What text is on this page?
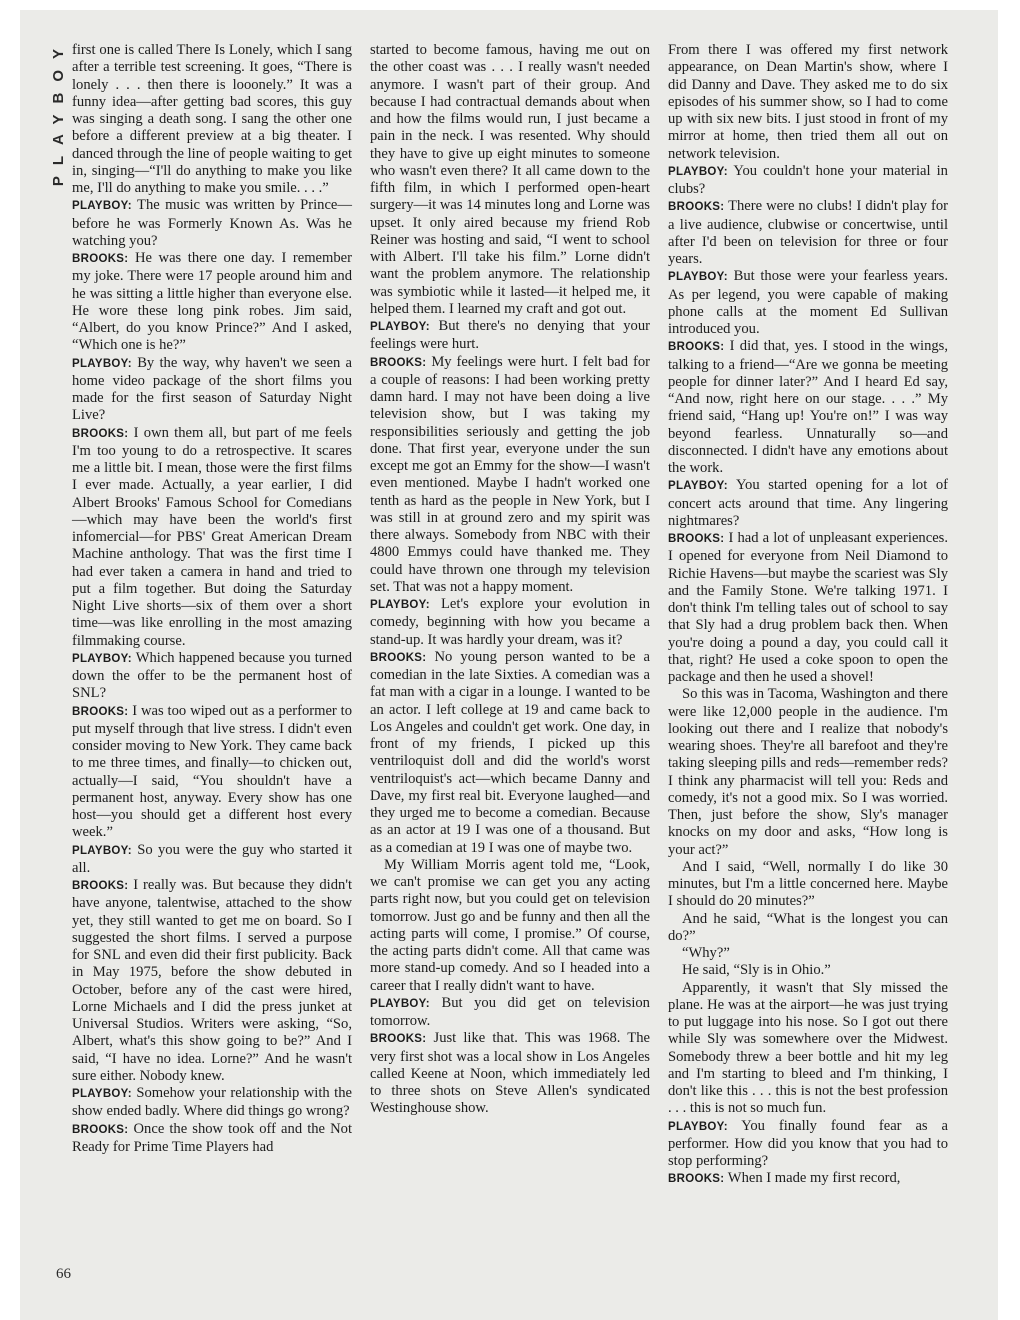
PLAYBOY
66

first one is called There Is Lonely, which I sang after a terrible test screening. It goes, “There is lonely . . . then there is looonely.” It was a funny idea—after getting bad scores, this guy was singing a death song. I sang the other one before a different preview at a big theater. I danced through the line of people waiting to get in, singing—“I'll do anything to make you like me, I'll do anything to make you smile. . . .”

PLAYBOY: The music was written by Prince—before he was Formerly Known As. Was he watching you?

BROOKS: He was there one day. I remember my joke. There were 17 people around him and he was sitting a little higher than everyone else. He wore these long pink robes. Jim said, “Albert, do you know Prince?” And I asked, “Which one is he?”

PLAYBOY: By the way, why haven't we seen a home video package of the short films you made for the first season of Saturday Night Live?

BROOKS: I own them all, but part of me feels I'm too young to do a retrospective. It scares me a little bit. I mean, those were the first films I ever made. Actually, a year earlier, I did Albert Brooks' Famous School for Comedians—which may have been the world's first infomercial—for PBS' Great American Dream Machine anthology. That was the first time I had ever taken a camera in hand and tried to put a film together. But doing the Saturday Night Live shorts—six of them over a short time—was like enrolling in the most amazing filmmaking course.

PLAYBOY: Which happened because you turned down the offer to be the permanent host of SNL?

BROOKS: I was too wiped out as a performer to put myself through that live stress. I didn't even consider moving to New York. They came back to me three times, and finally—to chicken out, actually—I said, “You shouldn't have a permanent host, anyway. Every show has one host—you should get a different host every week.”

PLAYBOY: So you were the guy who started it all.

BROOKS: I really was. But because they didn't have anyone, talentwise, attached to the show yet, they still wanted to get me on board. So I suggested the short films. I served a purpose for SNL and even did their first publicity. Back in May 1975, before the show debuted in October, before any of the cast were hired, Lorne Michaels and I did the press junket at Universal Studios. Writers were asking, “So, Albert, what's this show going to be?” And I said, “I have no idea. Lorne?” And he wasn't sure either. Nobody knew.

PLAYBOY: Somehow your relationship with the show ended badly. Where did things go wrong?

BROOKS: Once the show took off and the Not Ready for Prime Time Players had

started to become famous, having me out on the other coast was . . . I really wasn't needed anymore. I wasn't part of their group. And because I had contractual demands about when and how the films would run, I just became a pain in the neck. I was resented. Why should they have to give up eight minutes to someone who wasn't even there? It all came down to the fifth film, in which I performed open-heart surgery—it was 14 minutes long and Lorne was upset. It only aired because my friend Rob Reiner was hosting and said, “I went to school with Albert. I'll take his film.” Lorne didn't want the problem anymore. The relationship was symbiotic while it lasted—it helped me, it helped them. I learned my craft and got out.

PLAYBOY: But there's no denying that your feelings were hurt.

BROOKS: My feelings were hurt. I felt bad for a couple of reasons: I had been working pretty damn hard. I may not have been doing a live television show, but I was taking my responsibilities seriously and getting the job done. That first year, everyone under the sun except me got an Emmy for the show—I wasn't even mentioned. Maybe I hadn't worked one tenth as hard as the people in New York, but I was still in at ground zero and my spirit was there always. Somebody from NBC with their 4800 Emmys could have thanked me. They could have thrown one through my television set. That was not a happy moment.

PLAYBOY: Let's explore your evolution in comedy, beginning with how you became a stand-up. It was hardly your dream, was it?

BROOKS: No young person wanted to be a comedian in the late Sixties. A comedian was a fat man with a cigar in a lounge. I wanted to be an actor. I left college at 19 and came back to Los Angeles and couldn't get work. One day, in front of my friends, I picked up this ventriloquist doll and did the world's worst ventriloquist's act—which became Danny and Dave, my first real bit. Everyone laughed—and they urged me to become a comedian. Because as an actor at 19 I was one of a thousand. But as a comedian at 19 I was one of maybe two.

My William Morris agent told me, “Look, we can't promise we can get you any acting parts right now, but you could get on television tomorrow. Just go and be funny and then all the acting parts will come, I promise.” Of course, the acting parts didn't come. All that came was more stand-up comedy. And so I headed into a career that I really didn't want to have.

PLAYBOY: But you did get on television tomorrow.

BROOKS: Just like that. This was 1968. The very first shot was a local show in Los Angeles called Keene at Noon, which immediately led to three shots on Steve Allen's syndicated Westinghouse show.

From there I was offered my first network appearance, on Dean Martin's show, where I did Danny and Dave. They asked me to do six episodes of his summer show, so I had to come up with six new bits. I just stood in front of my mirror at home, then tried them all out on network television.

PLAYBOY: You couldn't hone your material in clubs?

BROOKS: There were no clubs! I didn't play for a live audience, clubwise or concertwise, until after I'd been on television for three or four years.

PLAYBOY: But those were your fearless years. As per legend, you were capable of making phone calls at the moment Ed Sullivan introduced you.

BROOKS: I did that, yes. I stood in the wings, talking to a friend—“Are we gonna be meeting people for dinner later?” And I heard Ed say, “And now, right here on our stage. . . .” My friend said, “Hang up! You're on!” I was way beyond fearless. Unnaturally so—and disconnected. I didn't have any emotions about the work.

PLAYBOY: You started opening for a lot of concert acts around that time. Any lingering nightmares?

BROOKS: I had a lot of unpleasant experiences. I opened for everyone from Neil Diamond to Richie Havens—but maybe the scariest was Sly and the Family Stone. We're talking 1971. I don't think I'm telling tales out of school to say that Sly had a drug problem back then. When you're doing a pound a day, you could call it that, right? He used a coke spoon to open the package and then he used a shovel!

So this was in Tacoma, Washington and there were like 12,000 people in the audience. I'm looking out there and I realize that nobody's wearing shoes. They're all barefoot and they're taking sleeping pills and reds—remember reds? I think any pharmacist will tell you: Reds and comedy, it's not a good mix. So I was worried. Then, just before the show, Sly's manager knocks on my door and asks, “How long is your act?”

And I said, “Well, normally I do like 30 minutes, but I'm a little concerned here. Maybe I should do 20 minutes?”

And he said, “What is the longest you can do?”

“Why?”

He said, “Sly is in Ohio.”

Apparently, it wasn't that Sly missed the plane. He was at the airport—he was just trying to put luggage into his nose. So I got out there while Sly was somewhere over the Midwest. Somebody threw a beer bottle and hit my leg and I'm starting to bleed and I'm thinking, I don't like this . . . this is not the best profession . . . this is not so much fun.

PLAYBOY: You finally found fear as a performer. How did you know that you had to stop performing?

BROOKS: When I made my first record,
